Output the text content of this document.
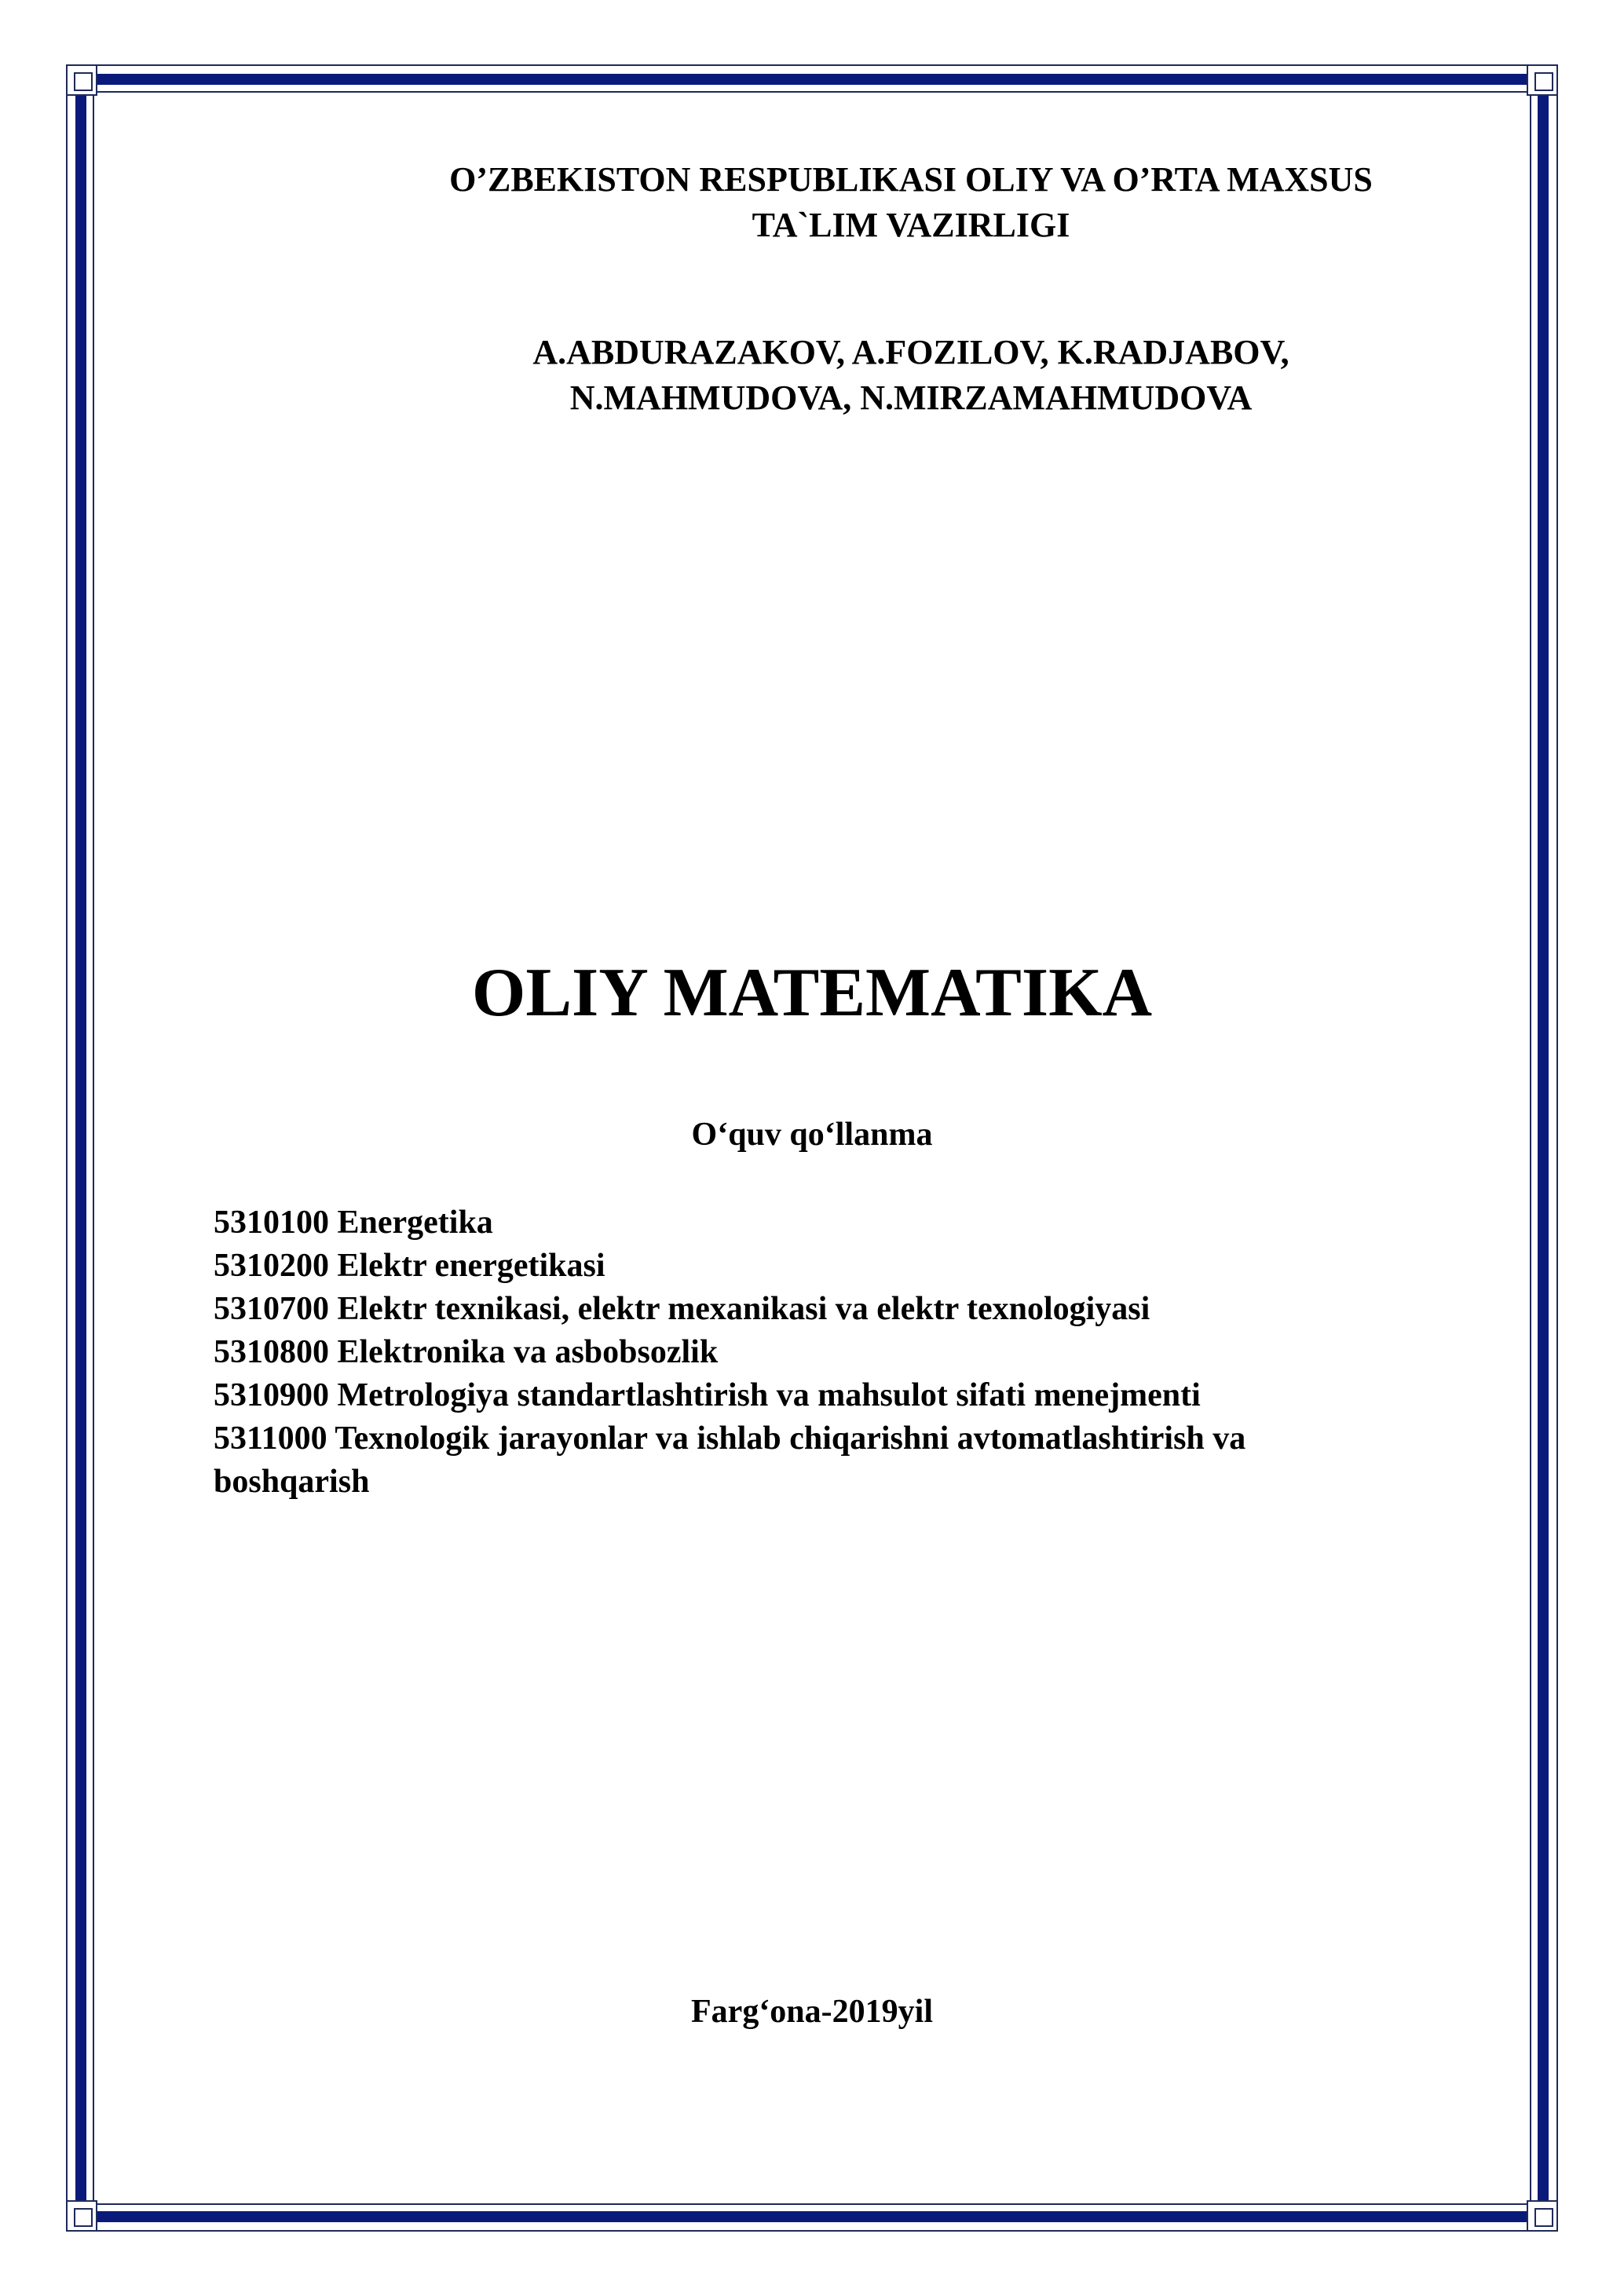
O’ZBEKISTON RESPUBLIKASI OLIY VA O’RTA MAXSUS
TA`LIM VAZIRLIGI
A.ABDURAZAKOV, A.FOZILOV, K.RADJABOV,
N.MAHMUDOVA, N.MIRZAMAHMUDOVA
OLIY MATEMATIKA
O‘quv qo‘llanma
5310100 Energetika
5310200 Elektr energetikasi
5310700 Elektr texnikasi, elektr mexanikasi va elektr texnologiyasi
5310800 Elektronika va asbobsozlik
5310900 Metrologiya standartlashtirish va mahsulot sifati menejmenti
5311000 Texnologik jarayonlar va ishlab chiqarishni avtomatlashtirish va
boshqarish
Farg‘ona-2019yil
